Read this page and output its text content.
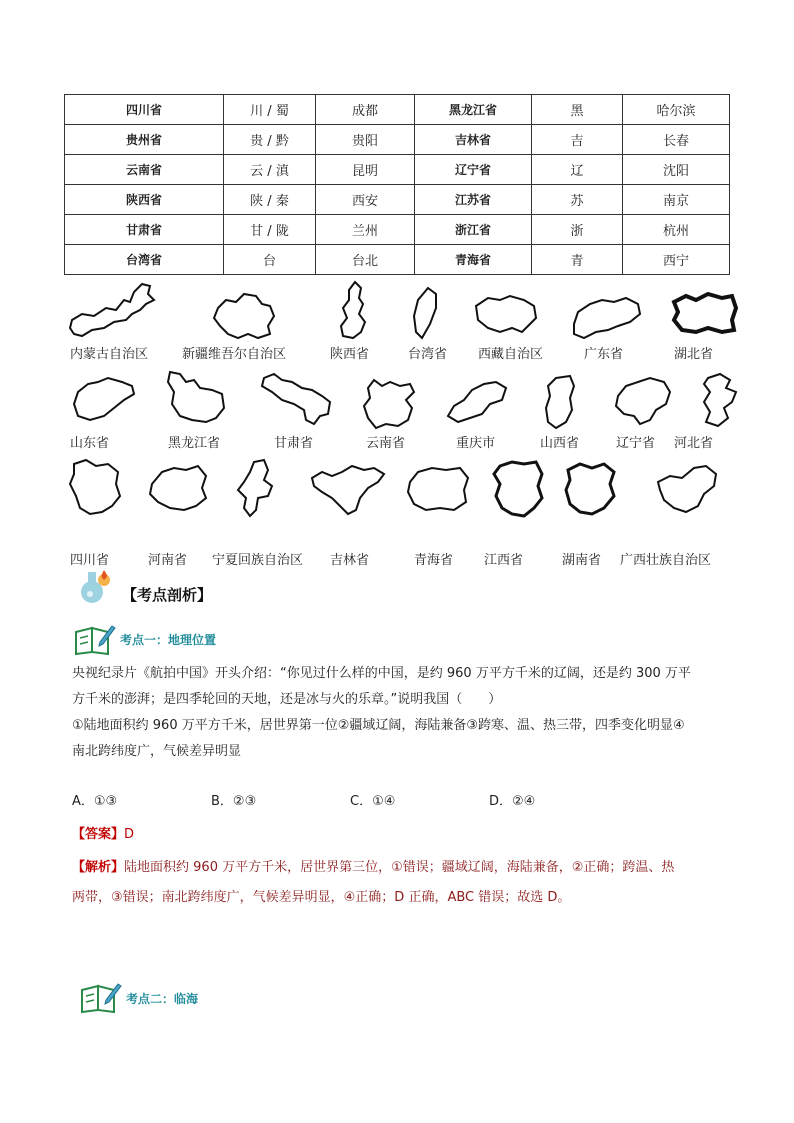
四川省	川 / 蜀	成都	黑龙江省	黑	哈尔滨
贵州省	贵 / 黔	贵阳	吉林省	吉	长春
云南省	云 / 滇	昆明	辽宁省	辽	沈阳
陕西省	陕 / 秦	西安	江苏省	苏	南京
甘肃省	甘 / 陇	兰州	浙江省	浙	杭州
台湾省	台	台北	青海省	青	西宁
内蒙古自治区	新疆维吾尔自治区	陕西省	台湾省 西藏自治区	广东省	湖北省
山东省	黑龙江省	甘肃省	云南省	重庆市	山西省	辽宁省 河北省
四川省	河南省 宁夏回族自治区 吉林省	青海省 江西省	湖南省 广西壮族自治区
【考点剖析】
考点一：地理位置
央视纪录片《航拍中国》开头介绍：“你见过什么样的中国，是约 960 万平方千米的辽阔，还是约 300 万平
方千米的澎湃；是四季轮回的天地，还是冰与火的乐章。”说明我国（　　）
①陆地面积约 960 万平方千米，居世界第一位②疆域辽阔，海陆兼备③跨寒、温、热三带，四季变化明显④
南北跨纬度广，气候差异明显
A．①③	B．②③	C．①④	D．②④
【答案】D
【解析】陆地面积约 960 万平方千米，居世界第三位，①错误；疆域辽阔，海陆兼备，②正确；跨温、热
两带，③错误；南北跨纬度广，气候差异明显，④正确；D 正确，ABC 错误；故选 D。
考点二：临海
